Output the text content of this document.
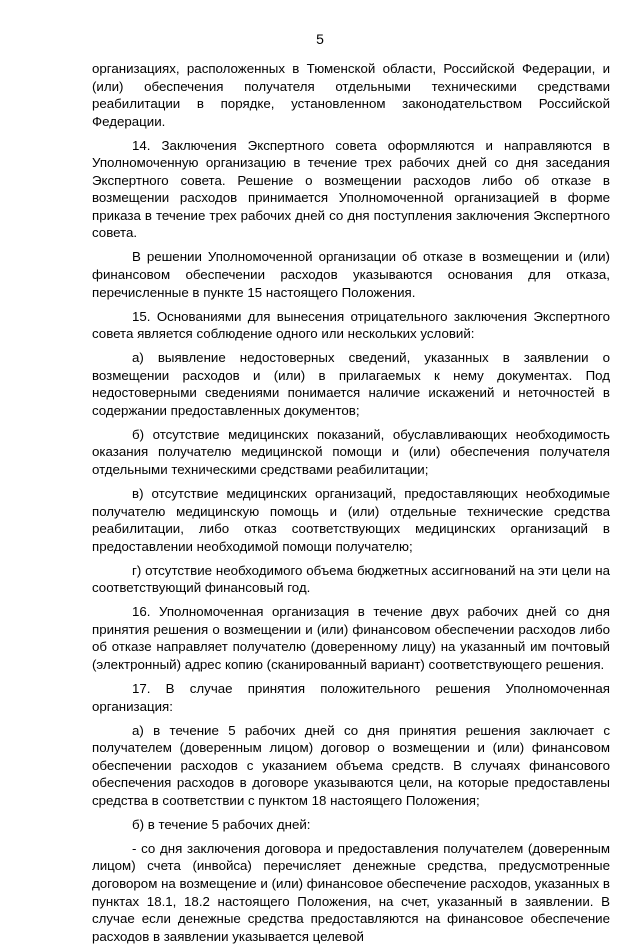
5

организациях, расположенных в Тюменской области, Российской Федерации, и (или) обеспечения получателя отдельными техническими средствами реабилитации в порядке, установленном законодательством Российской Федерации.

14. Заключения Экспертного совета оформляются и направляются в Уполномоченную организацию в течение трех рабочих дней со дня заседания Экспертного совета. Решение о возмещении расходов либо об отказе в возмещении расходов принимается Уполномоченной организацией в форме приказа в течение трех рабочих дней со дня поступления заключения Экспертного совета.

В решении Уполномоченной организации об отказе в возмещении и (или) финансовом обеспечении расходов указываются основания для отказа, перечисленные в пункте 15 настоящего Положения.

15. Основаниями для вынесения отрицательного заключения Экспертного совета является соблюдение одного или нескольких условий:

а) выявление недостоверных сведений, указанных в заявлении о возмещении расходов и (или) в прилагаемых к нему документах. Под недостоверными сведениями понимается наличие искажений и неточностей в содержании предоставленных документов;

б) отсутствие медицинских показаний, обуславливающих необходимость оказания получателю медицинской помощи и (или) обеспечения получателя отдельными техническими средствами реабилитации;

в) отсутствие медицинских организаций, предоставляющих необходимые получателю медицинскую помощь и (или) отдельные технические средства реабилитации, либо отказ соответствующих медицинских организаций в предоставлении необходимой помощи получателю;

г) отсутствие необходимого объема бюджетных ассигнований на эти цели на соответствующий финансовый год.

16. Уполномоченная организация в течение двух рабочих дней со дня принятия решения о возмещении и (или) финансовом обеспечении расходов либо об отказе направляет получателю (доверенному лицу) на указанный им почтовый (электронный) адрес копию (сканированный вариант) соответствующего решения.

17. В случае принятия положительного решения Уполномоченная организация:

а) в течение 5 рабочих дней со дня принятия решения заключает с получателем (доверенным лицом) договор о возмещении и (или) финансовом обеспечении расходов с указанием объема средств. В случаях финансового обеспечения расходов в договоре указываются цели, на которые предоставлены средства в соответствии с пунктом 18 настоящего Положения;

б) в течение 5 рабочих дней:

- со дня заключения договора и предоставления получателем (доверенным лицом) счета (инвойса) перечисляет денежные средства, предусмотренные договором на возмещение и (или) финансовое обеспечение расходов, указанных в пунктах 18.1, 18.2 настоящего Положения, на счет, указанный в заявлении. В случае если денежные средства предоставляются на финансовое обеспечение расходов в заявлении указывается целевой
